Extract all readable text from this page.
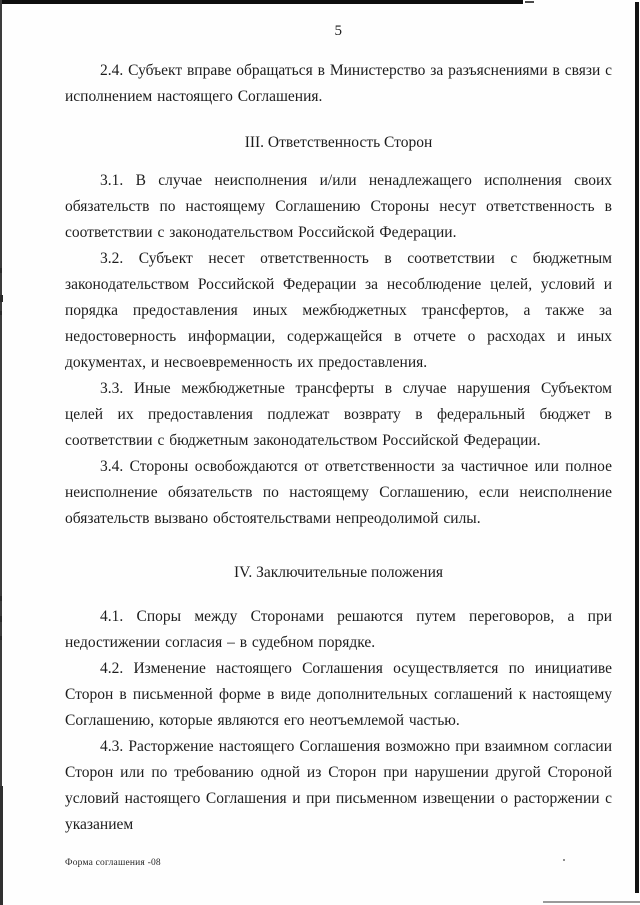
5

2.4. Субъект вправе обращаться в Министерство за разъяснениями в связи с исполнением настоящего Соглашения.

III. Ответственность Сторон

3.1. В случае неисполнения и/или ненадлежащего исполнения своих обязательств по настоящему Соглашению Стороны несут ответственность в соответствии с законодательством Российской Федерации.

3.2. Субъект несет ответственность в соответствии с бюджетным законодательством Российской Федерации за несоблюдение целей, условий и порядка предоставления иных межбюджетных трансфертов, а также за недостоверность информации, содержащейся в отчете о расходах и иных документах, и несвоевременность их предоставления.

3.3. Иные межбюджетные трансферты в случае нарушения Субъектом целей их предоставления подлежат возврату в федеральный бюджет в соответствии с бюджетным законодательством Российской Федерации.

3.4. Стороны освобождаются от ответственности за частичное или полное неисполнение обязательств по настоящему Соглашению, если неисполнение обязательств вызвано обстоятельствами непреодолимой силы.

IV. Заключительные положения

4.1. Споры между Сторонами решаются путем переговоров, а при недостижении согласия – в судебном порядке.

4.2. Изменение настоящего Соглашения осуществляется по инициативе Сторон в письменной форме в виде дополнительных соглашений к настоящему Соглашению, которые являются его неотъемлемой частью.

4.3. Расторжение настоящего Соглашения возможно при взаимном согласии Сторон или по требованию одной из Сторон при нарушении другой Стороной условий настоящего Соглашения и при письменном извещении о расторжении с указанием

Форма соглашения -08
